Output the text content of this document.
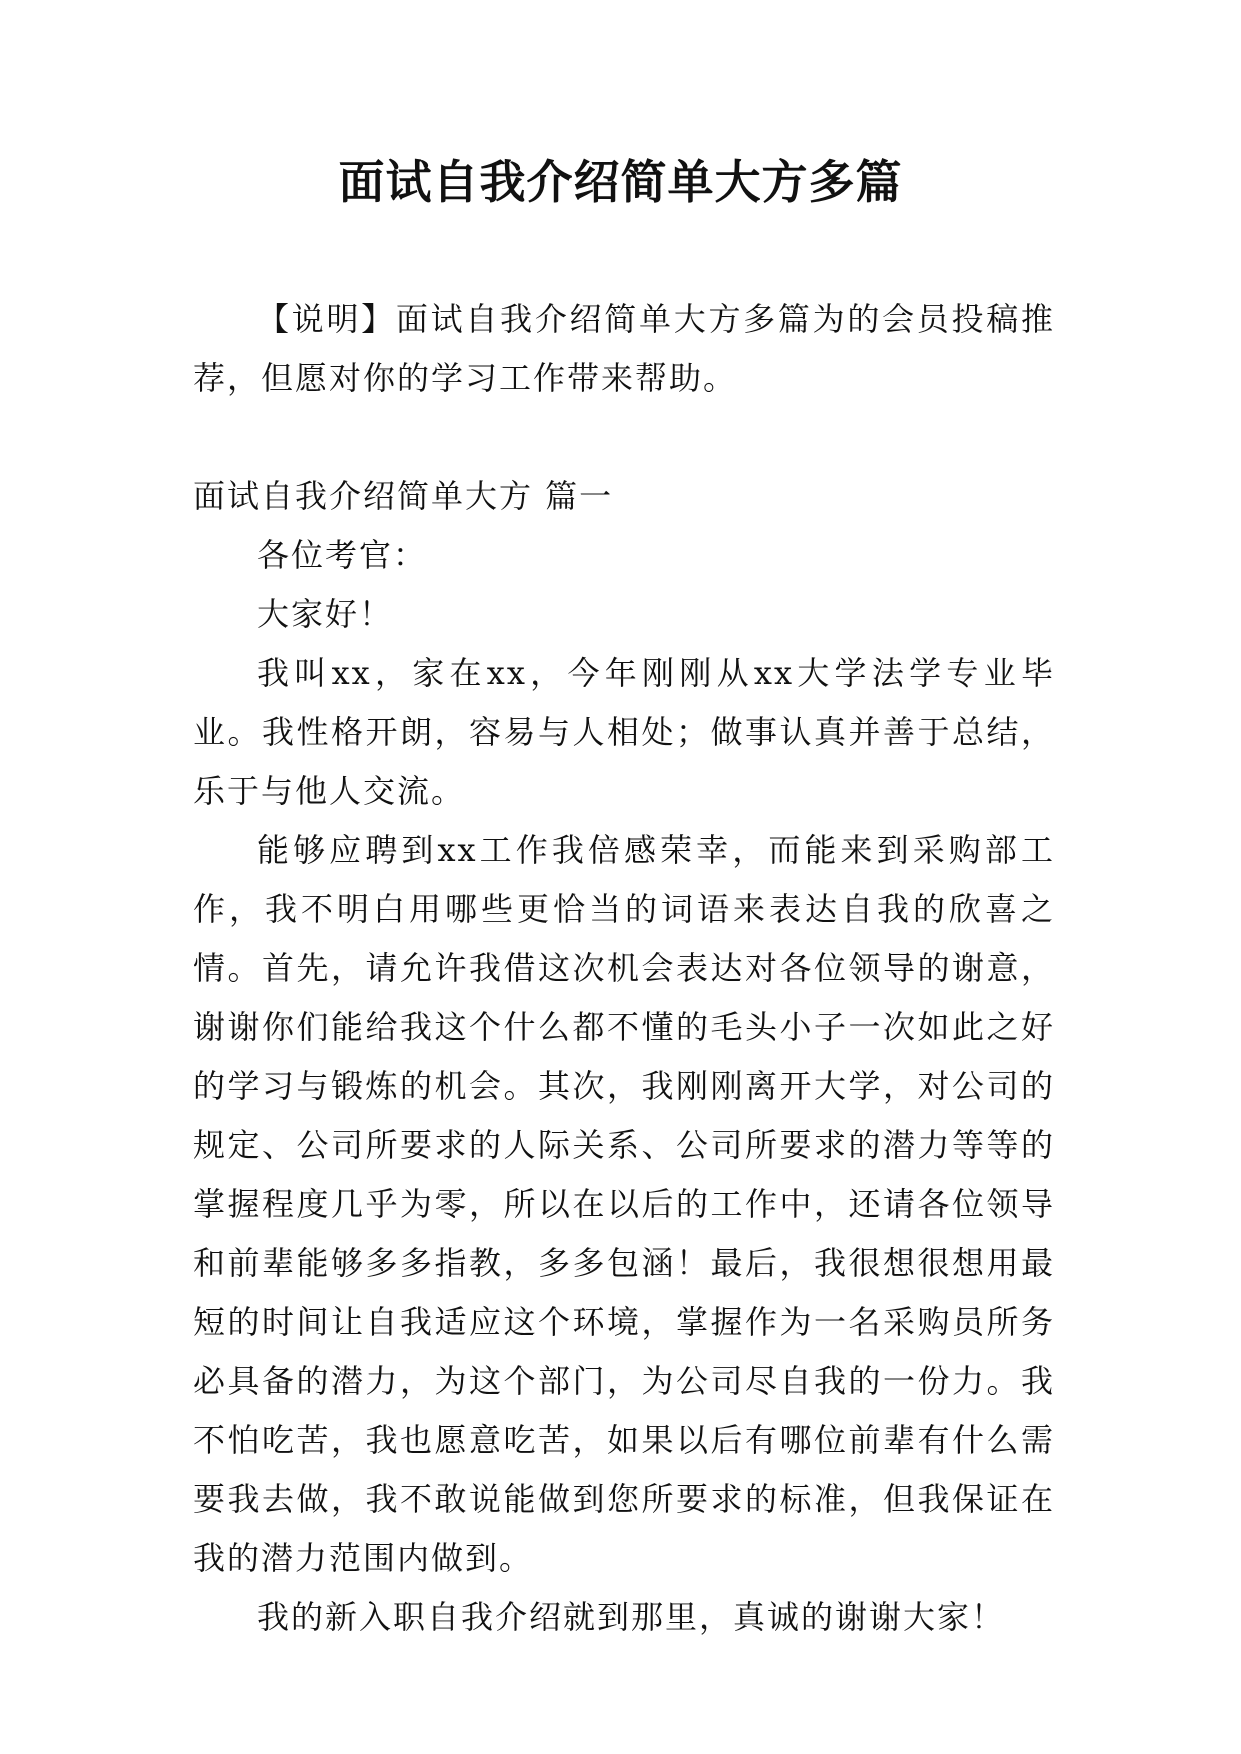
面试自我介绍简单大方多篇

【说明】面试自我介绍简单大方多篇为的会员投稿推荐，但愿对你的学习工作带来帮助。

面试自我介绍简单大方 篇一

各位考官：

大家好！

我叫xx，家在xx，今年刚刚从xx大学法学专业毕业。我性格开朗，容易与人相处；做事认真并善于总结，乐于与他人交流。

能够应聘到xx工作我倍感荣幸，而能来到采购部工作，我不明白用哪些更恰当的词语来表达自我的欣喜之情。首先，请允许我借这次机会表达对各位领导的谢意，谢谢你们能给我这个什么都不懂的毛头小子一次如此之好的学习与锻炼的机会。其次，我刚刚离开大学，对公司的规定、公司所要求的人际关系、公司所要求的潜力等等的掌握程度几乎为零，所以在以后的工作中，还请各位领导和前辈能够多多指教，多多包涵！最后，我很想很想用最短的时间让自我适应这个环境，掌握作为一名采购员所务必具备的潜力，为这个部门，为公司尽自我的一份力。我不怕吃苦，我也愿意吃苦，如果以后有哪位前辈有什么需要我去做，我不敢说能做到您所要求的标准，但我保证在我的潜力范围内做到。

我的新入职自我介绍就到那里，真诚的谢谢大家！
